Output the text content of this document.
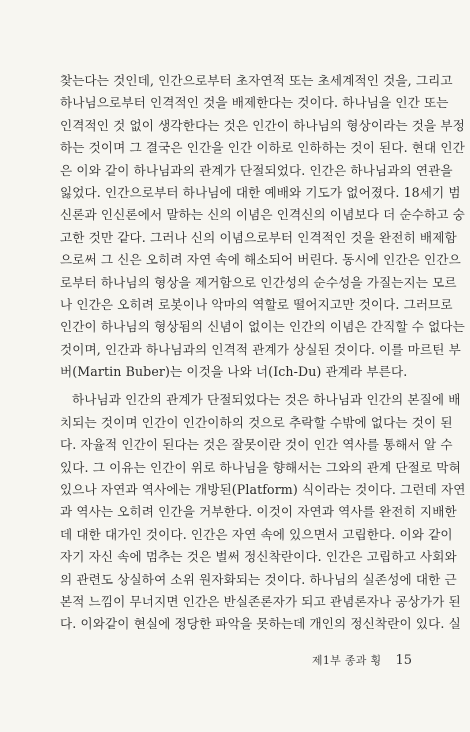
찾는다는 것인데, 인간으로부터 초자연적 또는 초세계적인 것을, 그리고
하나님으로부터 인격적인 것을 배제한다는 것이다. 하나님을 인간 또는
인격적인 것 없이 생각한다는 것은 인간이 하나님의 형상이라는 것을 부정
하는 것이며 그 결국은 인간을 인간 이하로 인하하는 것이 된다. 현대 인간
은 이와 같이 하나님과의 관계가 단절되었다. 인간은 하나님과의 연관을
잃었다. 인간으로부터 하나님에 대한 예배와 기도가 없어졌다. 18세기 범
신론과 인신론에서 말하는 신의 이념은 인격신의 이념보다 더 순수하고 숭
고한 것만 같다. 그러나 신의 이념으로부터 인격적인 것을 완전히 배제함
으로써 그 신은 오히려 자연 속에 해소되어 버린다. 동시에 인간은 인간으
로부터 하나님의 형상을 제거함으로 인간성의 순수성을 가질는지는 모르
나 인간은 오히려 로봇이나 악마의 역할로 떨어지고만 것이다. 그러므로
인간이 하나님의 형상됨의 신념이 없이는 인간의 이념은 간직할 수 없다는
것이며, 인간과 하나님과의 인격적 관계가 상실된 것이다. 이를 마르틴 부
버(Martin Buber)는 이것을 나와 너(Ich-Du) 관계라 부른다.
하나님과 인간의 관계가 단절되었다는 것은 하나님과 인간의 본질에 배
치되는 것이며 인간이 인간이하의 것으로 추락할 수밖에 없다는 것이 된
다. 자율적 인간이 된다는 것은 잘못이란 것이 인간 역사를 통해서 알 수
있다. 그 이유는 인간이 위로 하나님을 향해서는 그와의 관계 단절로 막혀
있으나 자연과 역사에는 개방된(Platform) 식이라는 것이다. 그런데 자연
과 역사는 오히려 인간을 거부한다. 이것이 자연과 역사를 완전히 지배한
데 대한 대가인 것이다. 인간은 자연 속에 있으면서 고립한다. 이와 같이
자기 자신 속에 멈추는 것은 벌써 정신착란이다. 인간은 고립하고 사회와
의 관련도 상실하여 소위 원자화되는 것이다. 하나님의 실존성에 대한 근
본적 느낌이 무너지면 인간은 반실존론자가 되고 관념론자나 공상가가 된
다. 이와같이 현실에 정당한 파악을 못하는데 개인의 정신착란이 있다. 실
제1부 종과 횡 15
